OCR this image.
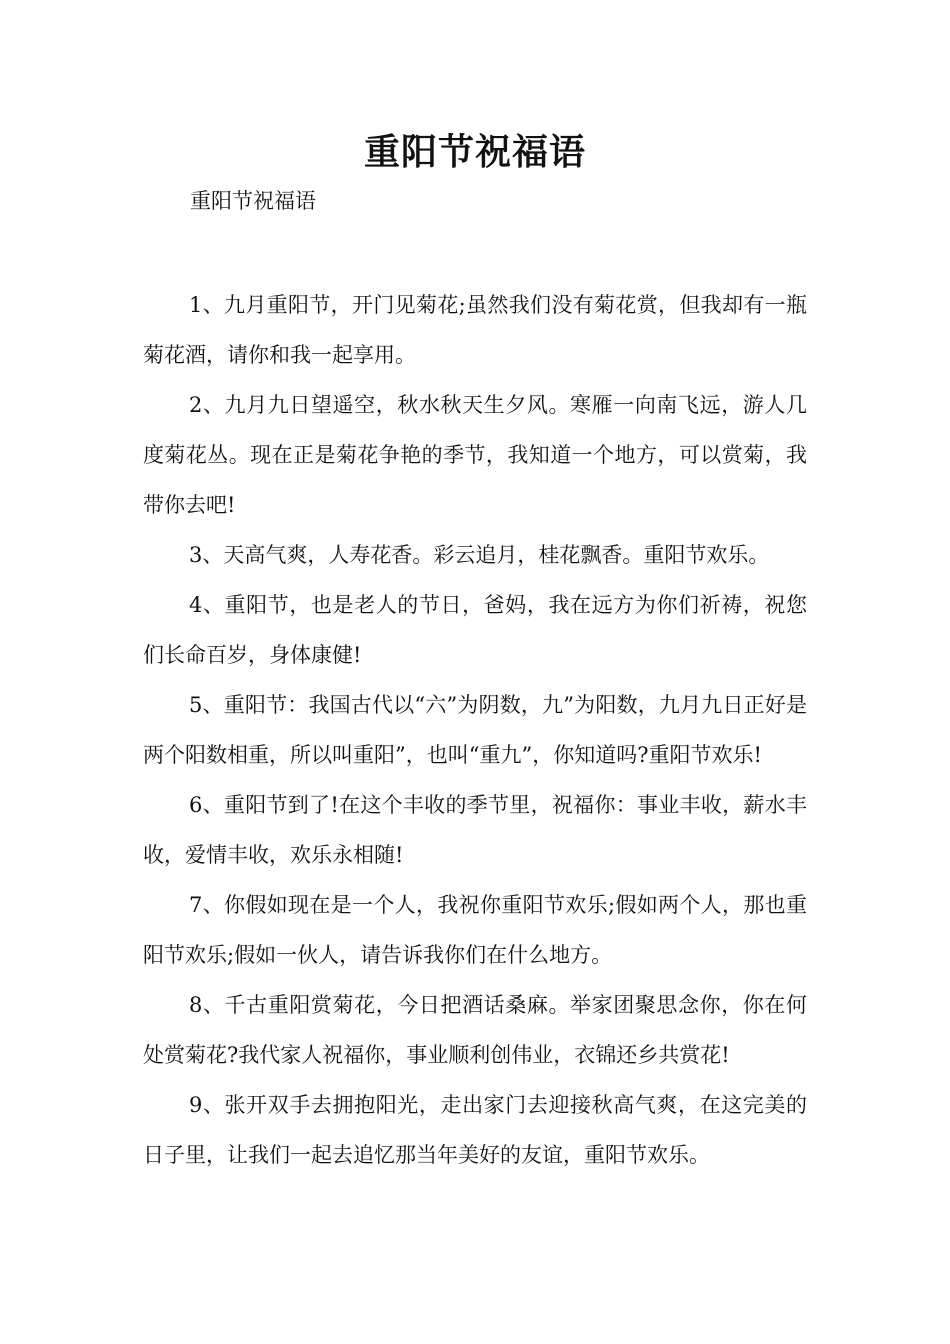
重阳节祝福语

重阳节祝福语

1、九月重阳节，开门见菊花;虽然我们没有菊花赏，但我却有一瓶菊花酒，请你和我一起享用。

2、九月九日望遥空，秋水秋天生夕风。寒雁一向南飞远，游人几度菊花丛。现在正是菊花争艳的季节，我知道一个地方，可以赏菊，我带你去吧!

3、天高气爽，人寿花香。彩云追月，桂花飘香。重阳节欢乐。

4、重阳节，也是老人的节日，爸妈，我在远方为你们祈祷，祝您们长命百岁，身体康健!

5、重阳节：我国古代以“六”为阴数，九”为阳数，九月九日正好是两个阳数相重，所以叫重阳”，也叫“重九”，你知道吗?重阳节欢乐!

6、重阳节到了!在这个丰收的季节里，祝福你：事业丰收，薪水丰收，爱情丰收，欢乐永相随!

7、你假如现在是一个人，我祝你重阳节欢乐;假如两个人，那也重阳节欢乐;假如一伙人，请告诉我你们在什么地方。

8、千古重阳赏菊花，今日把酒话桑麻。举家团聚思念你，你在何处赏菊花?我代家人祝福你，事业顺利创伟业，衣锦还乡共赏花!

9、张开双手去拥抱阳光，走出家门去迎接秋高气爽，在这完美的日子里，让我们一起去追忆那当年美好的友谊，重阳节欢乐。
